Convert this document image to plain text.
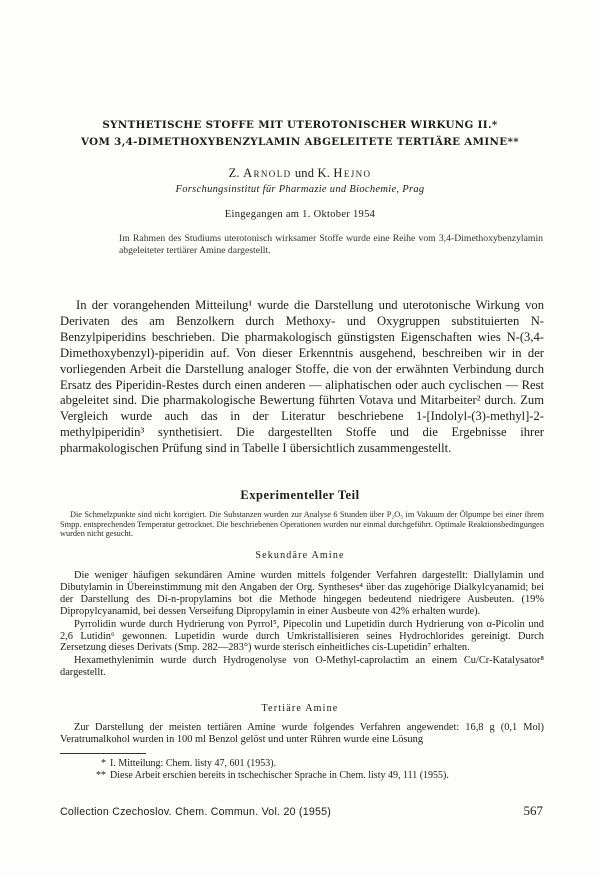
SYNTHETISCHE STOFFE MIT UTEROTONISCHER WIRKUNG II.*

VOM 3,4-DIMETHOXYBENZYLAMIN ABGELEITETE TERTIÄRE AMINE**

Z. Arnold und K. Hejno

Forschungsinstitut für Pharmazie und Biochemie, Prag

Eingegangen am 1. Oktober 1954

Im Rahmen des Studiums uterotonisch wirksamer Stoffe wurde eine Reihe vom 3,4-Dimethoxybenzylamin abgeleiteter tertiärer Amine dargestellt.

In der vorangehenden Mitteilung¹ wurde die Darstellung und uterotonische Wirkung von Derivaten des am Benzolkern durch Methoxy- und Oxygruppen substituierten N-Benzylpiperidins beschrieben. Die pharmakologisch günstigsten Eigenschaften wies N-(3,4-Dimethoxybenzyl)-piperidin auf. Von dieser Erkenntnis ausgehend, beschreiben wir in der vorliegenden Arbeit die Darstellung analoger Stoffe, die von der erwähnten Verbindung durch Ersatz des Piperidin-Restes durch einen anderen — aliphatischen oder auch cyclischen — Rest abgeleitet sind. Die pharmakologische Bewertung führten Votava und Mitarbeiter² durch. Zum Vergleich wurde auch das in der Literatur beschriebene 1-[Indolyl-(3)-methyl]-2-methylpiperidin³ synthetisiert. Die dargestellten Stoffe und die Ergebnisse ihrer pharmakologischen Prüfung sind in Tabelle I übersichtlich zusammengestellt.

Experimenteller Teil

Die Schmelzpunkte sind nicht korrigiert. Die Substanzen wurden zur Analyse 6 Stunden über P₂O₅ im Vakuum der Ölpumpe bei einer ihrem Smpp. entsprechenden Temperatur getrocknet. Die beschriebenen Operationen wurden nur einmal durchgeführt. Optimale Reaktionsbedingungen wurden nicht gesucht.

Sekundäre Amine

Die weniger häufigen sekundären Amine wurden mittels folgender Verfahren dargestellt: Diallylamin und Dibutylamin in Übereinstimmung mit den Angaben der Org. Syntheses⁴ über das zugehörige Dialkylcyanamid; bei der Darstellung des Di-n-propylamins bot die Methode hingegen bedeutend niedrigere Ausbeuten. (19% Dipropylcyanamid, bei dessen Verseifung Dipropylamin in einer Ausbeute von 42% erhalten wurde).

Pyrrolidin wurde durch Hydrierung von Pyrrol⁵, Pipecolin und Lupetidin durch Hydrierung von α-Picolin und 2,6 Lutidin⁶ gewonnen. Lupetidin wurde durch Umkristallisieren seines Hydrochlorides gereinigt. Durch Zersetzung dieses Derivats (Smp. 282—283°) wurde sterisch einheitliches cis-Lupetidin⁷ erhalten.

Hexamethylenimin wurde durch Hydrogenolyse von O-Methyl-caprolactim an einem Cu/Cr-Katalysator⁸ dargestellt.

Tertiäre Amine

Zur Darstellung der meisten tertiären Amine wurde folgendes Verfahren angewendet: 16,8 g (0,1 Mol) Veratrumalkohol wurden in 100 ml Benzol gelöst und unter Rühren wurde eine Lösung

* I. Mitteilung: Chem. listy 47, 601 (1953).

** Diese Arbeit erschien bereits in tschechischer Sprache in Chem. listy 49, 111 (1955).

Collection Czechoslov. Chem. Commun. Vol. 20 (1955)	567
